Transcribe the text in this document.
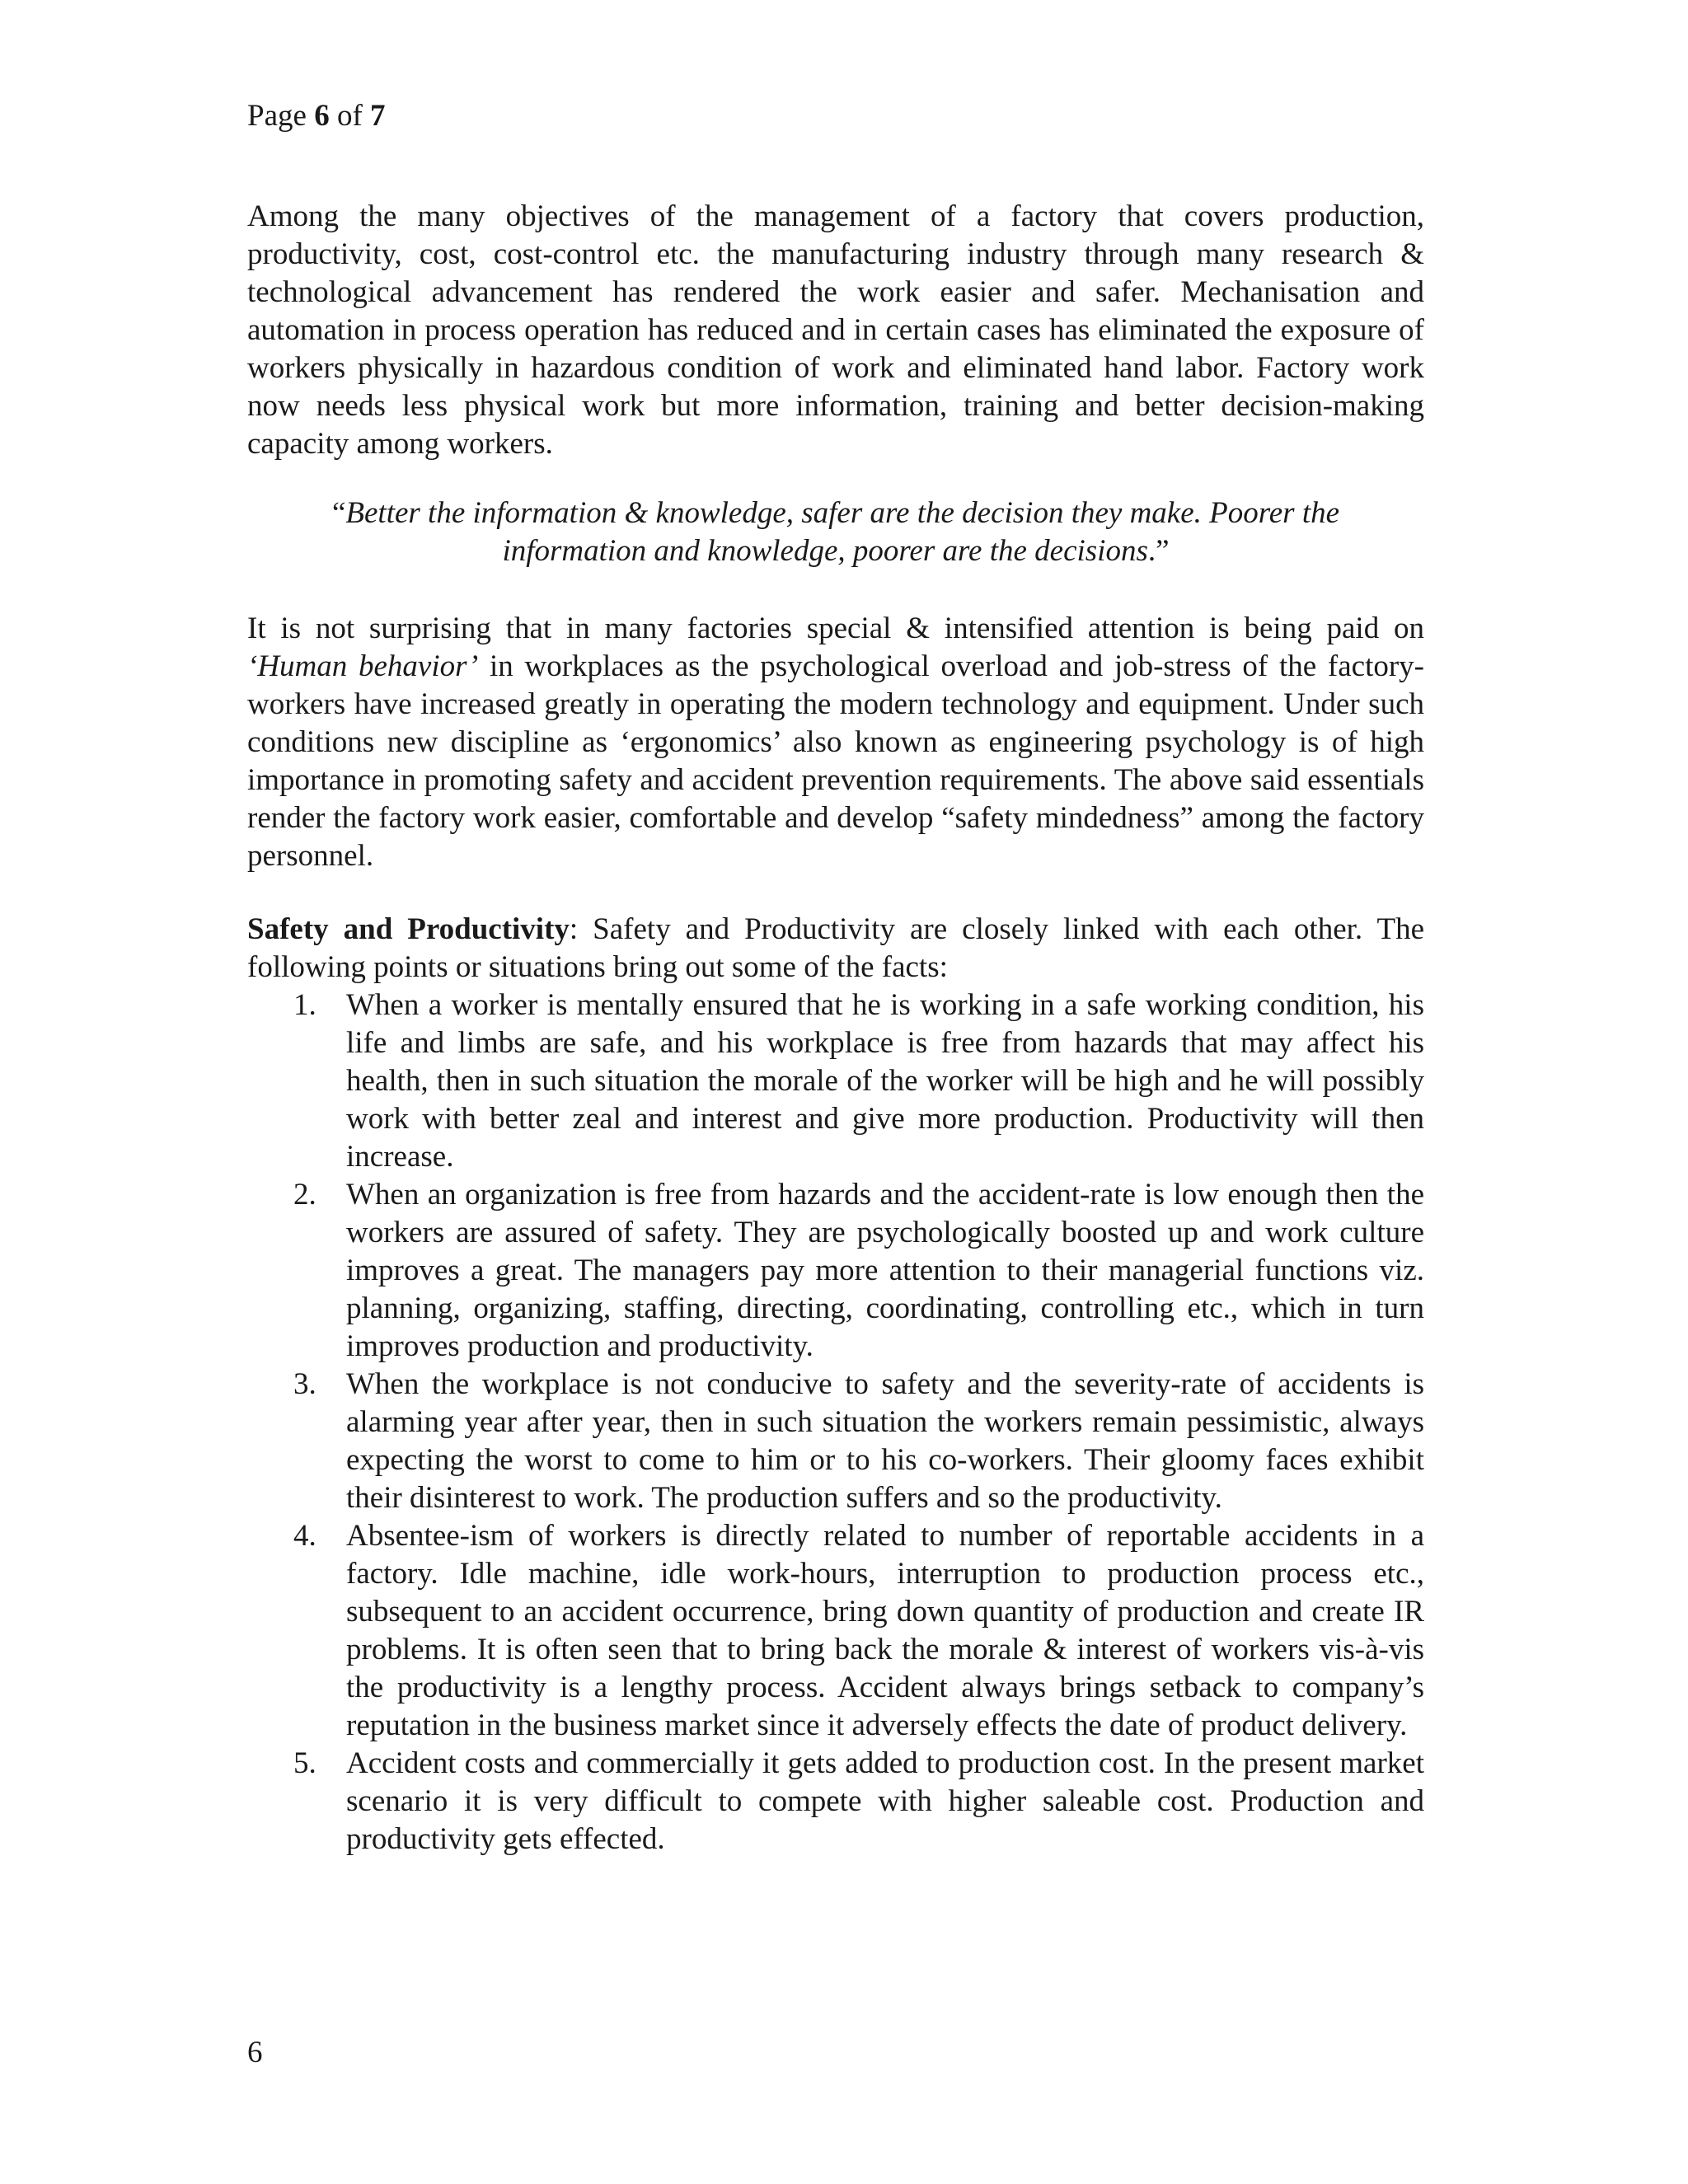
Page 6 of 7

Among the many objectives of the management of a factory that covers production, productivity, cost, cost-control etc. the manufacturing industry through many research & technological advancement has rendered the work easier and safer. Mechanisation and automation in process operation has reduced and in certain cases has eliminated the exposure of workers physically in hazardous condition of work and eliminated hand labor. Factory work now needs less physical work but more information, training and better decision-making capacity among workers.

“Better the information & knowledge, safer are the decision they make. Poorer the information and knowledge, poorer are the decisions.”

It is not surprising that in many factories special & intensified attention is being paid on ‘Human behavior’ in workplaces as the psychological overload and job-stress of the factory-workers have increased greatly in operating the modern technology and equipment. Under such conditions new discipline as ‘ergonomics’ also known as engineering psychology is of high importance in promoting safety and accident prevention requirements. The above said essentials render the factory work easier, comfortable and develop “safety mindedness” among the factory personnel.

Safety and Productivity: Safety and Productivity are closely linked with each other. The following points or situations bring out some of the facts:

1. When a worker is mentally ensured that he is working in a safe working condition, his life and limbs are safe, and his workplace is free from hazards that may affect his health, then in such situation the morale of the worker will be high and he will possibly work with better zeal and interest and give more production. Productivity will then increase.
2. When an organization is free from hazards and the accident-rate is low enough then the workers are assured of safety. They are psychologically boosted up and work culture improves a great. The managers pay more attention to their managerial functions viz. planning, organizing, staffing, directing, coordinating, controlling etc., which in turn improves production and productivity.
3. When the workplace is not conducive to safety and the severity-rate of accidents is alarming year after year, then in such situation the workers remain pessimistic, always expecting the worst to come to him or to his co-workers. Their gloomy faces exhibit their disinterest to work. The production suffers and so the productivity.
4. Absentee-ism of workers is directly related to number of reportable accidents in a factory. Idle machine, idle work-hours, interruption to production process etc., subsequent to an accident occurrence, bring down quantity of production and create IR problems. It is often seen that to bring back the morale & interest of workers vis-à-vis the productivity is a lengthy process. Accident always brings setback to company’s reputation in the business market since it adversely effects the date of product delivery.
5. Accident costs and commercially it gets added to production cost. In the present market scenario it is very difficult to compete with higher saleable cost. Production and productivity gets effected.
6
